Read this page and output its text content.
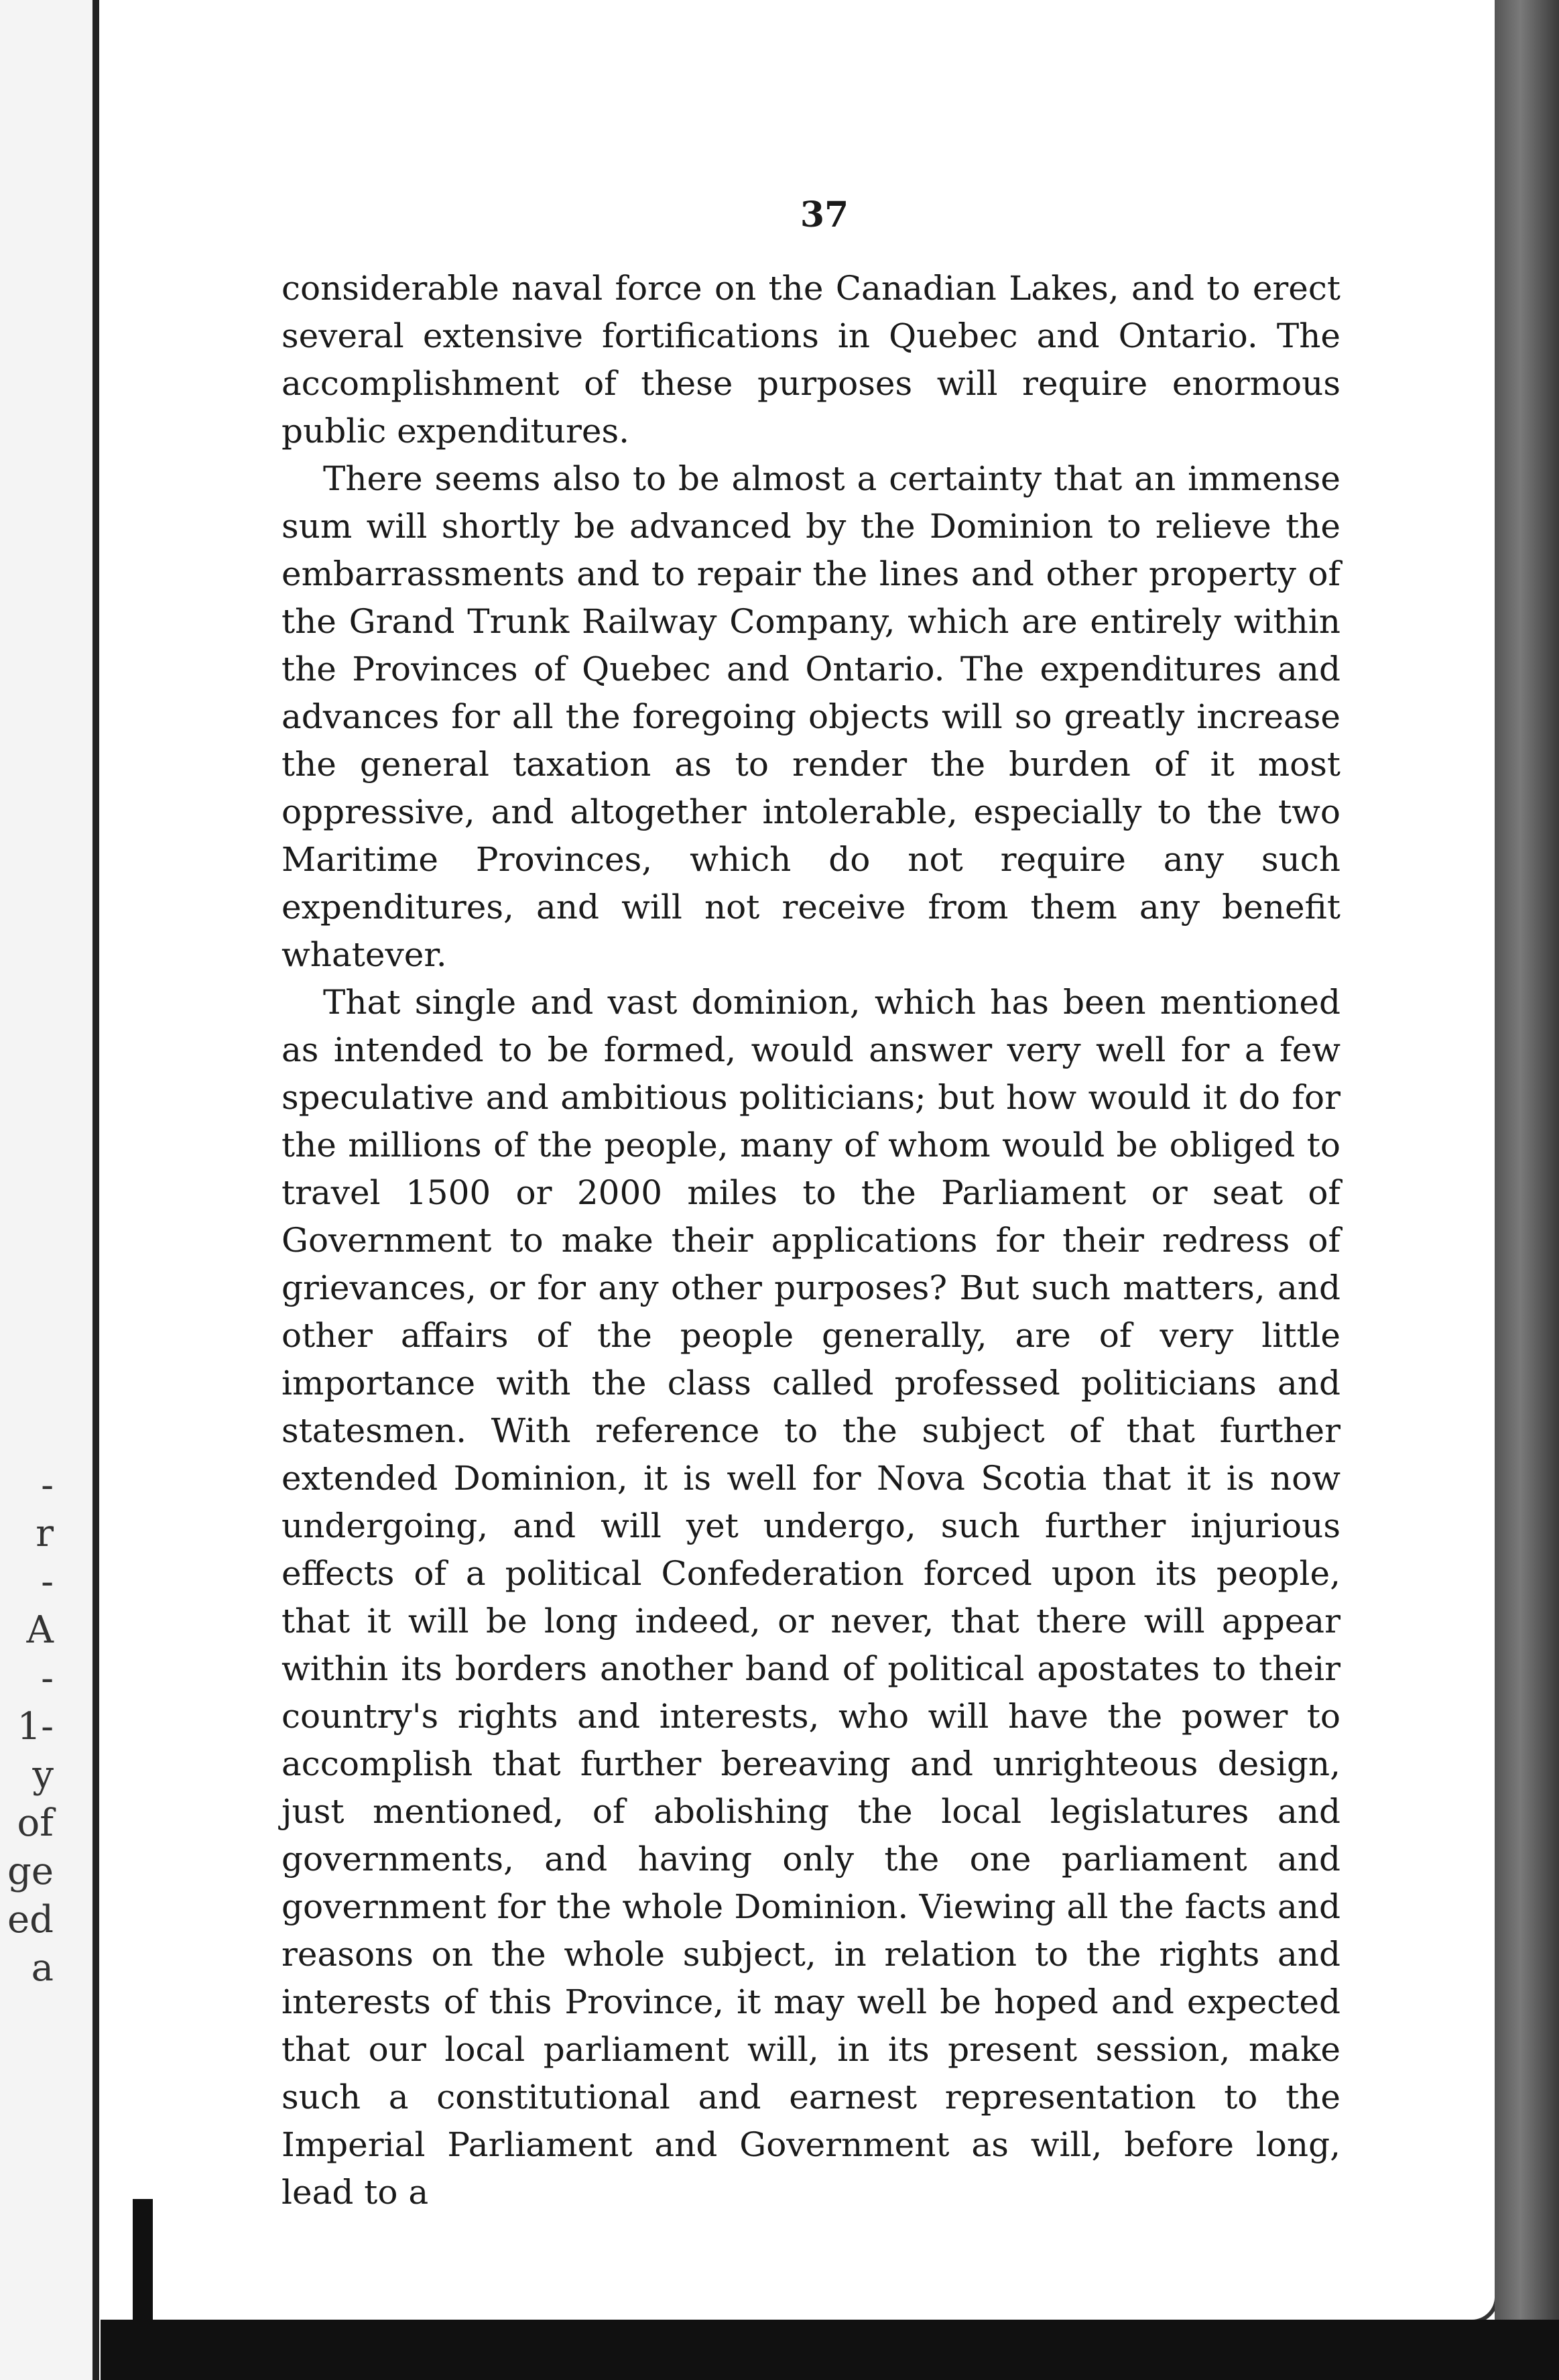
-
r
-
A
-
1-
y
of
ge
ed
a
37

considerable naval force on the Canadian Lakes, and to erect several extensive fortifications in Quebec and Ontario. The accomplishment of these purposes will require enormous public expenditures.

There seems also to be almost a certainty that an immense sum will shortly be advanced by the Dominion to relieve the embarrassments and to repair the lines and other property of the Grand Trunk Railway Company, which are entirely within the Provinces of Quebec and Ontario. The expenditures and advances for all the foregoing objects will so greatly increase the general taxation as to render the burden of it most oppressive, and altogether intolerable, especially to the two Maritime Provinces, which do not require any such expenditures, and will not receive from them any benefit whatever.

That single and vast dominion, which has been mentioned as intended to be formed, would answer very well for a few speculative and ambitious politicians; but how would it do for the millions of the people, many of whom would be obliged to travel 1500 or 2000 miles to the Parliament or seat of Government to make their applications for their redress of grievances, or for any other purposes? But such matters, and other affairs of the people generally, are of very little importance with the class called professed politicians and statesmen. With reference to the subject of that further extended Dominion, it is well for Nova Scotia that it is now undergoing, and will yet undergo, such further injurious effects of a political Confederation forced upon its people, that it will be long indeed, or never, that there will appear within its borders another band of political apostates to their country's rights and interests, who will have the power to accomplish that further bereaving and unrighteous design, just mentioned, of abolishing the local legislatures and governments, and having only the one parliament and government for the whole Dominion. Viewing all the facts and reasons on the whole subject, in relation to the rights and interests of this Province, it may well be hoped and expected that our local parliament will, in its present session, make such a constitutional and earnest representation to the Imperial Parliament and Government as will, before long, lead to a
